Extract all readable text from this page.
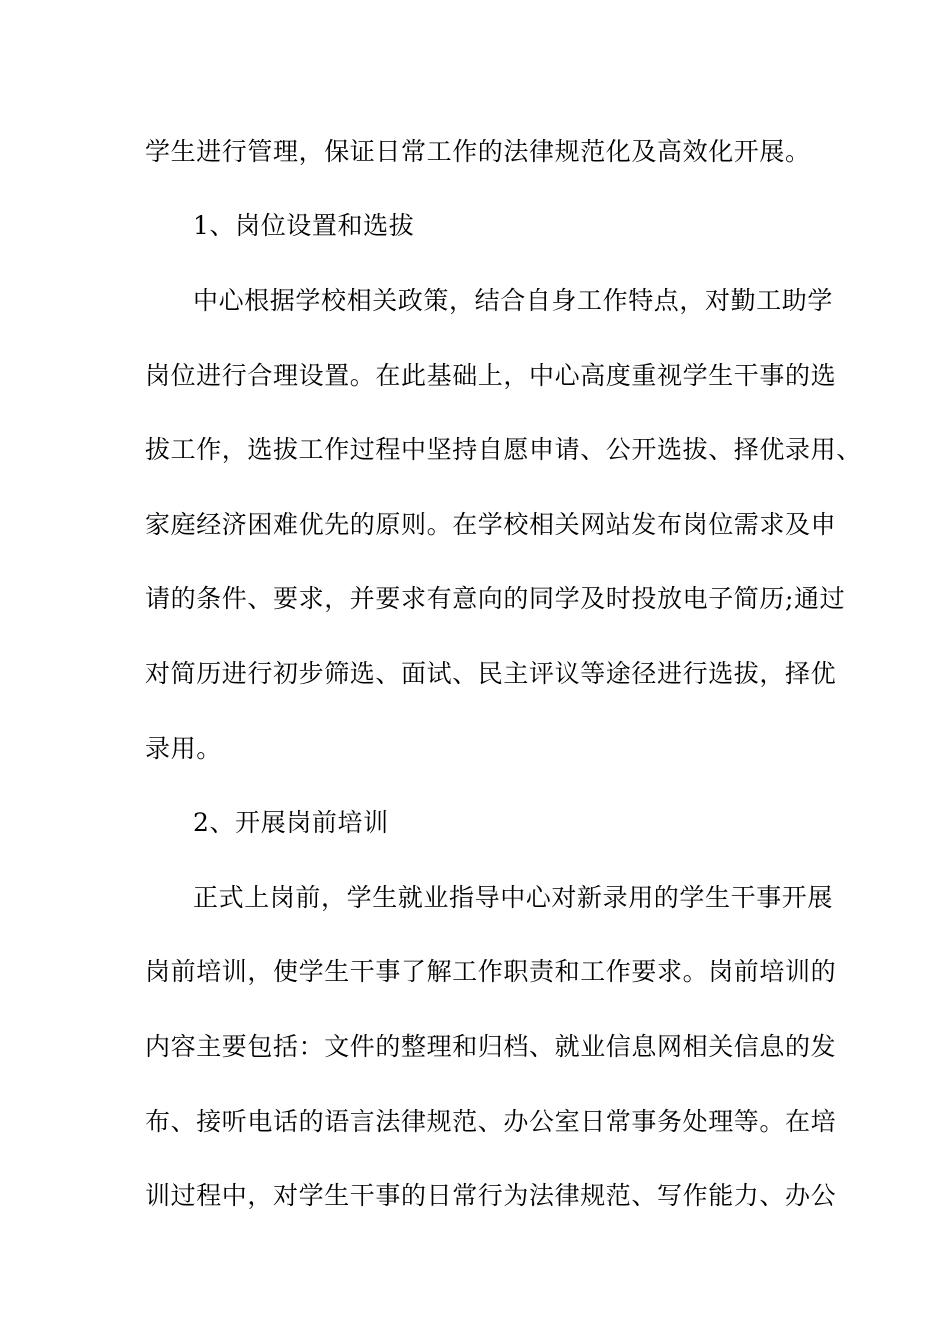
学生进行管理，保证日常工作的法律规范化及高效化开展。
1、岗位设置和选拔
中心根据学校相关政策，结合自身工作特点，对勤工助学
岗位进行合理设置。在此基础上，中心高度重视学生干事的选
拔工作，选拔工作过程中坚持自愿申请、公开选拔、择优录用、
家庭经济困难优先的原则。在学校相关网站发布岗位需求及申
请的条件、要求，并要求有意向的同学及时投放电子简历;通过
对简历进行初步筛选、面试、民主评议等途径进行选拔，择优
录用。
2、开展岗前培训
正式上岗前，学生就业指导中心对新录用的学生干事开展
岗前培训，使学生干事了解工作职责和工作要求。岗前培训的
内容主要包括：文件的整理和归档、就业信息网相关信息的发
布、接听电话的语言法律规范、办公室日常事务处理等。在培
训过程中，对学生干事的日常行为法律规范、写作能力、办公
